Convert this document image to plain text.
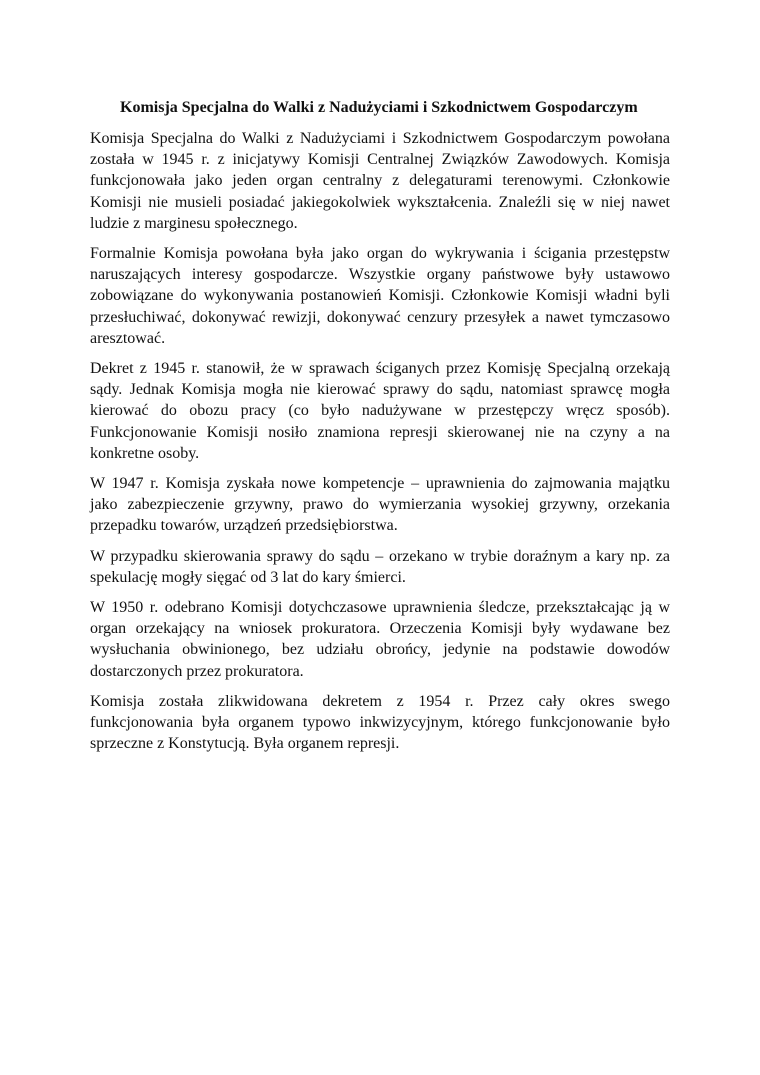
Komisja Specjalna do Walki z Nadużyciami i Szkodnictwem Gospodarczym

Komisja Specjalna do Walki z Nadużyciami i Szkodnictwem Gospodarczym powołana została w 1945 r. z inicjatywy Komisji Centralnej Związków Zawodowych. Komisja funkcjonowała jako jeden organ centralny z delegaturami terenowymi. Członkowie Komisji nie musieli posiadać jakiegokolwiek wykształcenia. Znaleźli się w niej nawet ludzie z marginesu społecznego.

Formalnie Komisja powołana była jako organ do wykrywania i ścigania przestępstw naruszających interesy gospodarcze. Wszystkie organy państwowe były ustawowo zobowiązane do wykonywania postanowień Komisji. Członkowie Komisji władni byli przesłuchiwać, dokonywać rewizji, dokonywać cenzury przesyłek a nawet tymczasowo aresztować.

Dekret z 1945 r. stanowił, że w sprawach ściganych przez Komisję Specjalną orzekają sądy. Jednak Komisja mogła nie kierować sprawy do sądu, natomiast sprawcę mogła kierować do obozu pracy (co było nadużywane w przestępczy wręcz sposób). Funkcjonowanie Komisji nosiło znamiona represji skierowanej nie na czyny a na konkretne osoby.

W 1947 r. Komisja zyskała nowe kompetencje – uprawnienia do zajmowania majątku jako zabezpieczenie grzywny, prawo do wymierzania wysokiej grzywny, orzekania przepadku towarów, urządzeń przedsiębiorstwa.

W przypadku skierowania sprawy do sądu – orzekano w trybie doraźnym a kary np. za spekulację mogły sięgać od 3 lat do kary śmierci.

W 1950 r. odebrano Komisji dotychczasowe uprawnienia śledcze, przekształcając ją w organ orzekający na wniosek prokuratora. Orzeczenia Komisji były wydawane bez wysłuchania obwinionego, bez udziału obrońcy, jedynie na podstawie dowodów dostarczonych przez prokuratora.

Komisja została zlikwidowana dekretem z 1954 r. Przez cały okres swego funkcjonowania była organem typowo inkwizycyjnym, którego funkcjonowanie było sprzeczne z Konstytucją. Była organem represji.
